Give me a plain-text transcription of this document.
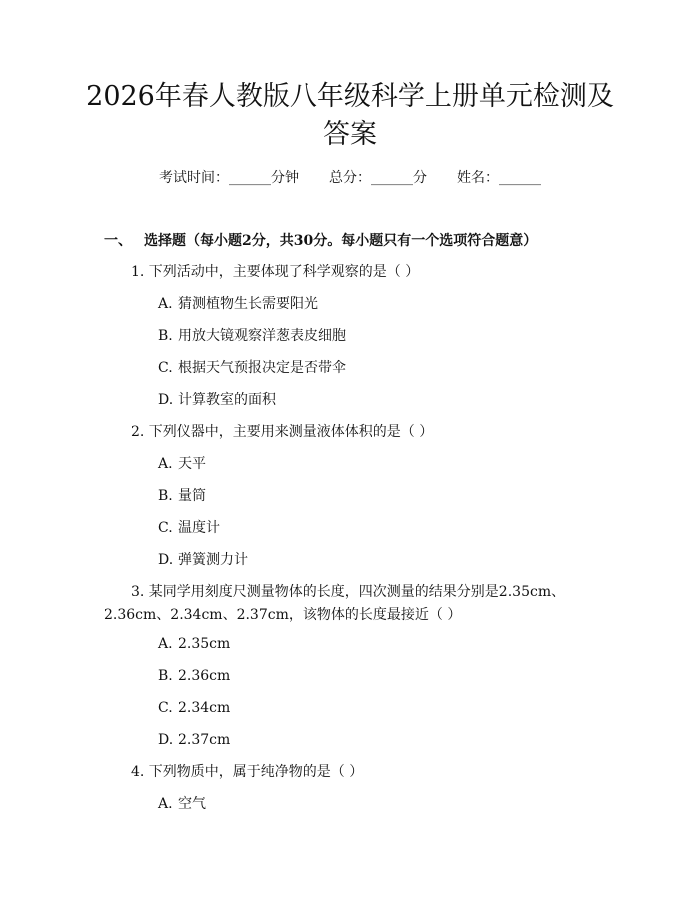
2026年春人教版八年级科学上册单元检测及
答案
考试时间：______分钟 总分：______分 姓名：______
一、 选择题（每小题2分，共30分。每小题只有一个选项符合题意）
1. 下列活动中，主要体现了科学观察的是（ ）
A. 猜测植物生长需要阳光
B. 用放大镜观察洋葱表皮细胞
C. 根据天气预报决定是否带伞
D. 计算教室的面积
2. 下列仪器中，主要用来测量液体体积的是（ ）
A. 天平
B. 量筒
C. 温度计
D. 弹簧测力计
3. 某同学用刻度尺测量物体的长度，四次测量的结果分别是2.35cm、
2.36cm、2.34cm、2.37cm，该物体的长度最接近（ ）
A. 2.35cm
B. 2.36cm
C. 2.34cm
D. 2.37cm
4. 下列物质中，属于纯净物的是（ ）
A. 空气
